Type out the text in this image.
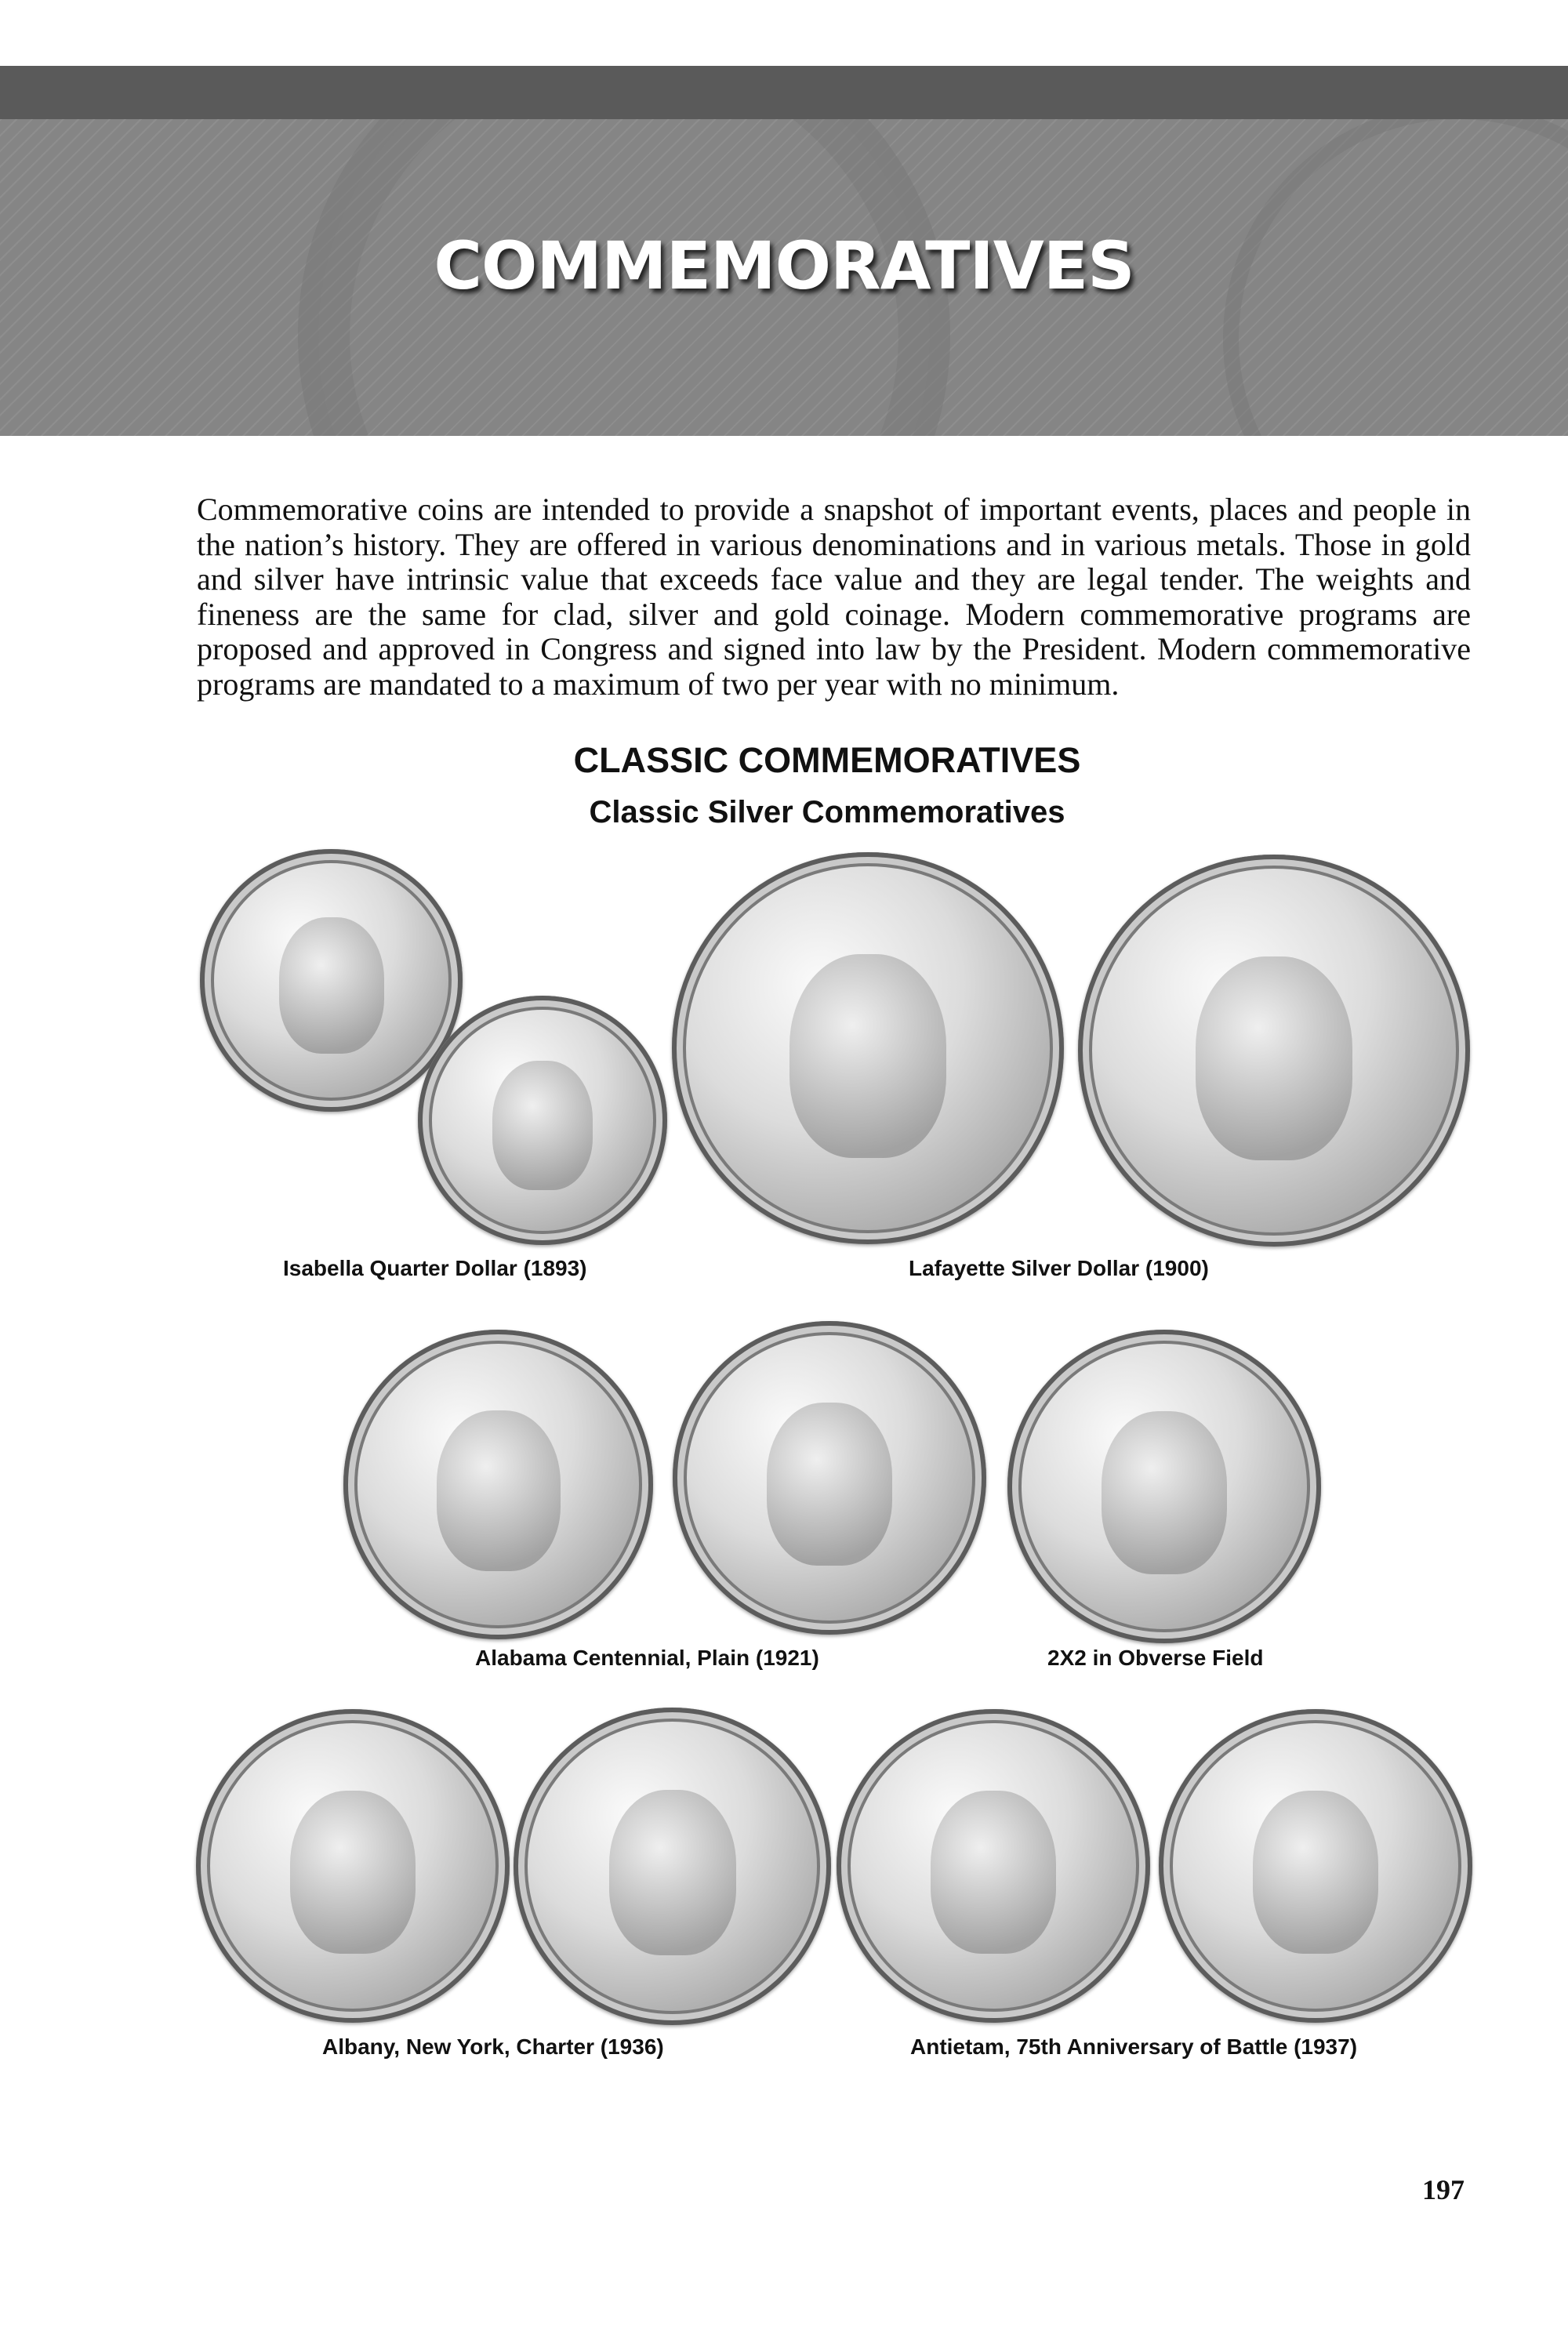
COMMEMORATIVES
Commemorative coins are intended to provide a snapshot of important events, places and people in the nation’s history. They are offered in various denominations and in various metals. Those in gold and silver have intrinsic value that exceeds face value and they are legal tender. The weights and fineness are the same for clad, silver and gold coinage. Modern commemorative programs are proposed and approved in Congress and signed into law by the President. Modern commemorative programs are mandated to a maximum of two per year with no minimum.
CLASSIC COMMEMORATIVES
Classic Silver Commemoratives
Isabella Quarter Dollar (1893)	Lafayette Silver Dollar (1900)
Alabama Centennial, Plain (1921)	2X2 in Obverse Field
Albany, New York, Charter (1936)	Antietam, 75th Anniversary of Battle (1937)
197
